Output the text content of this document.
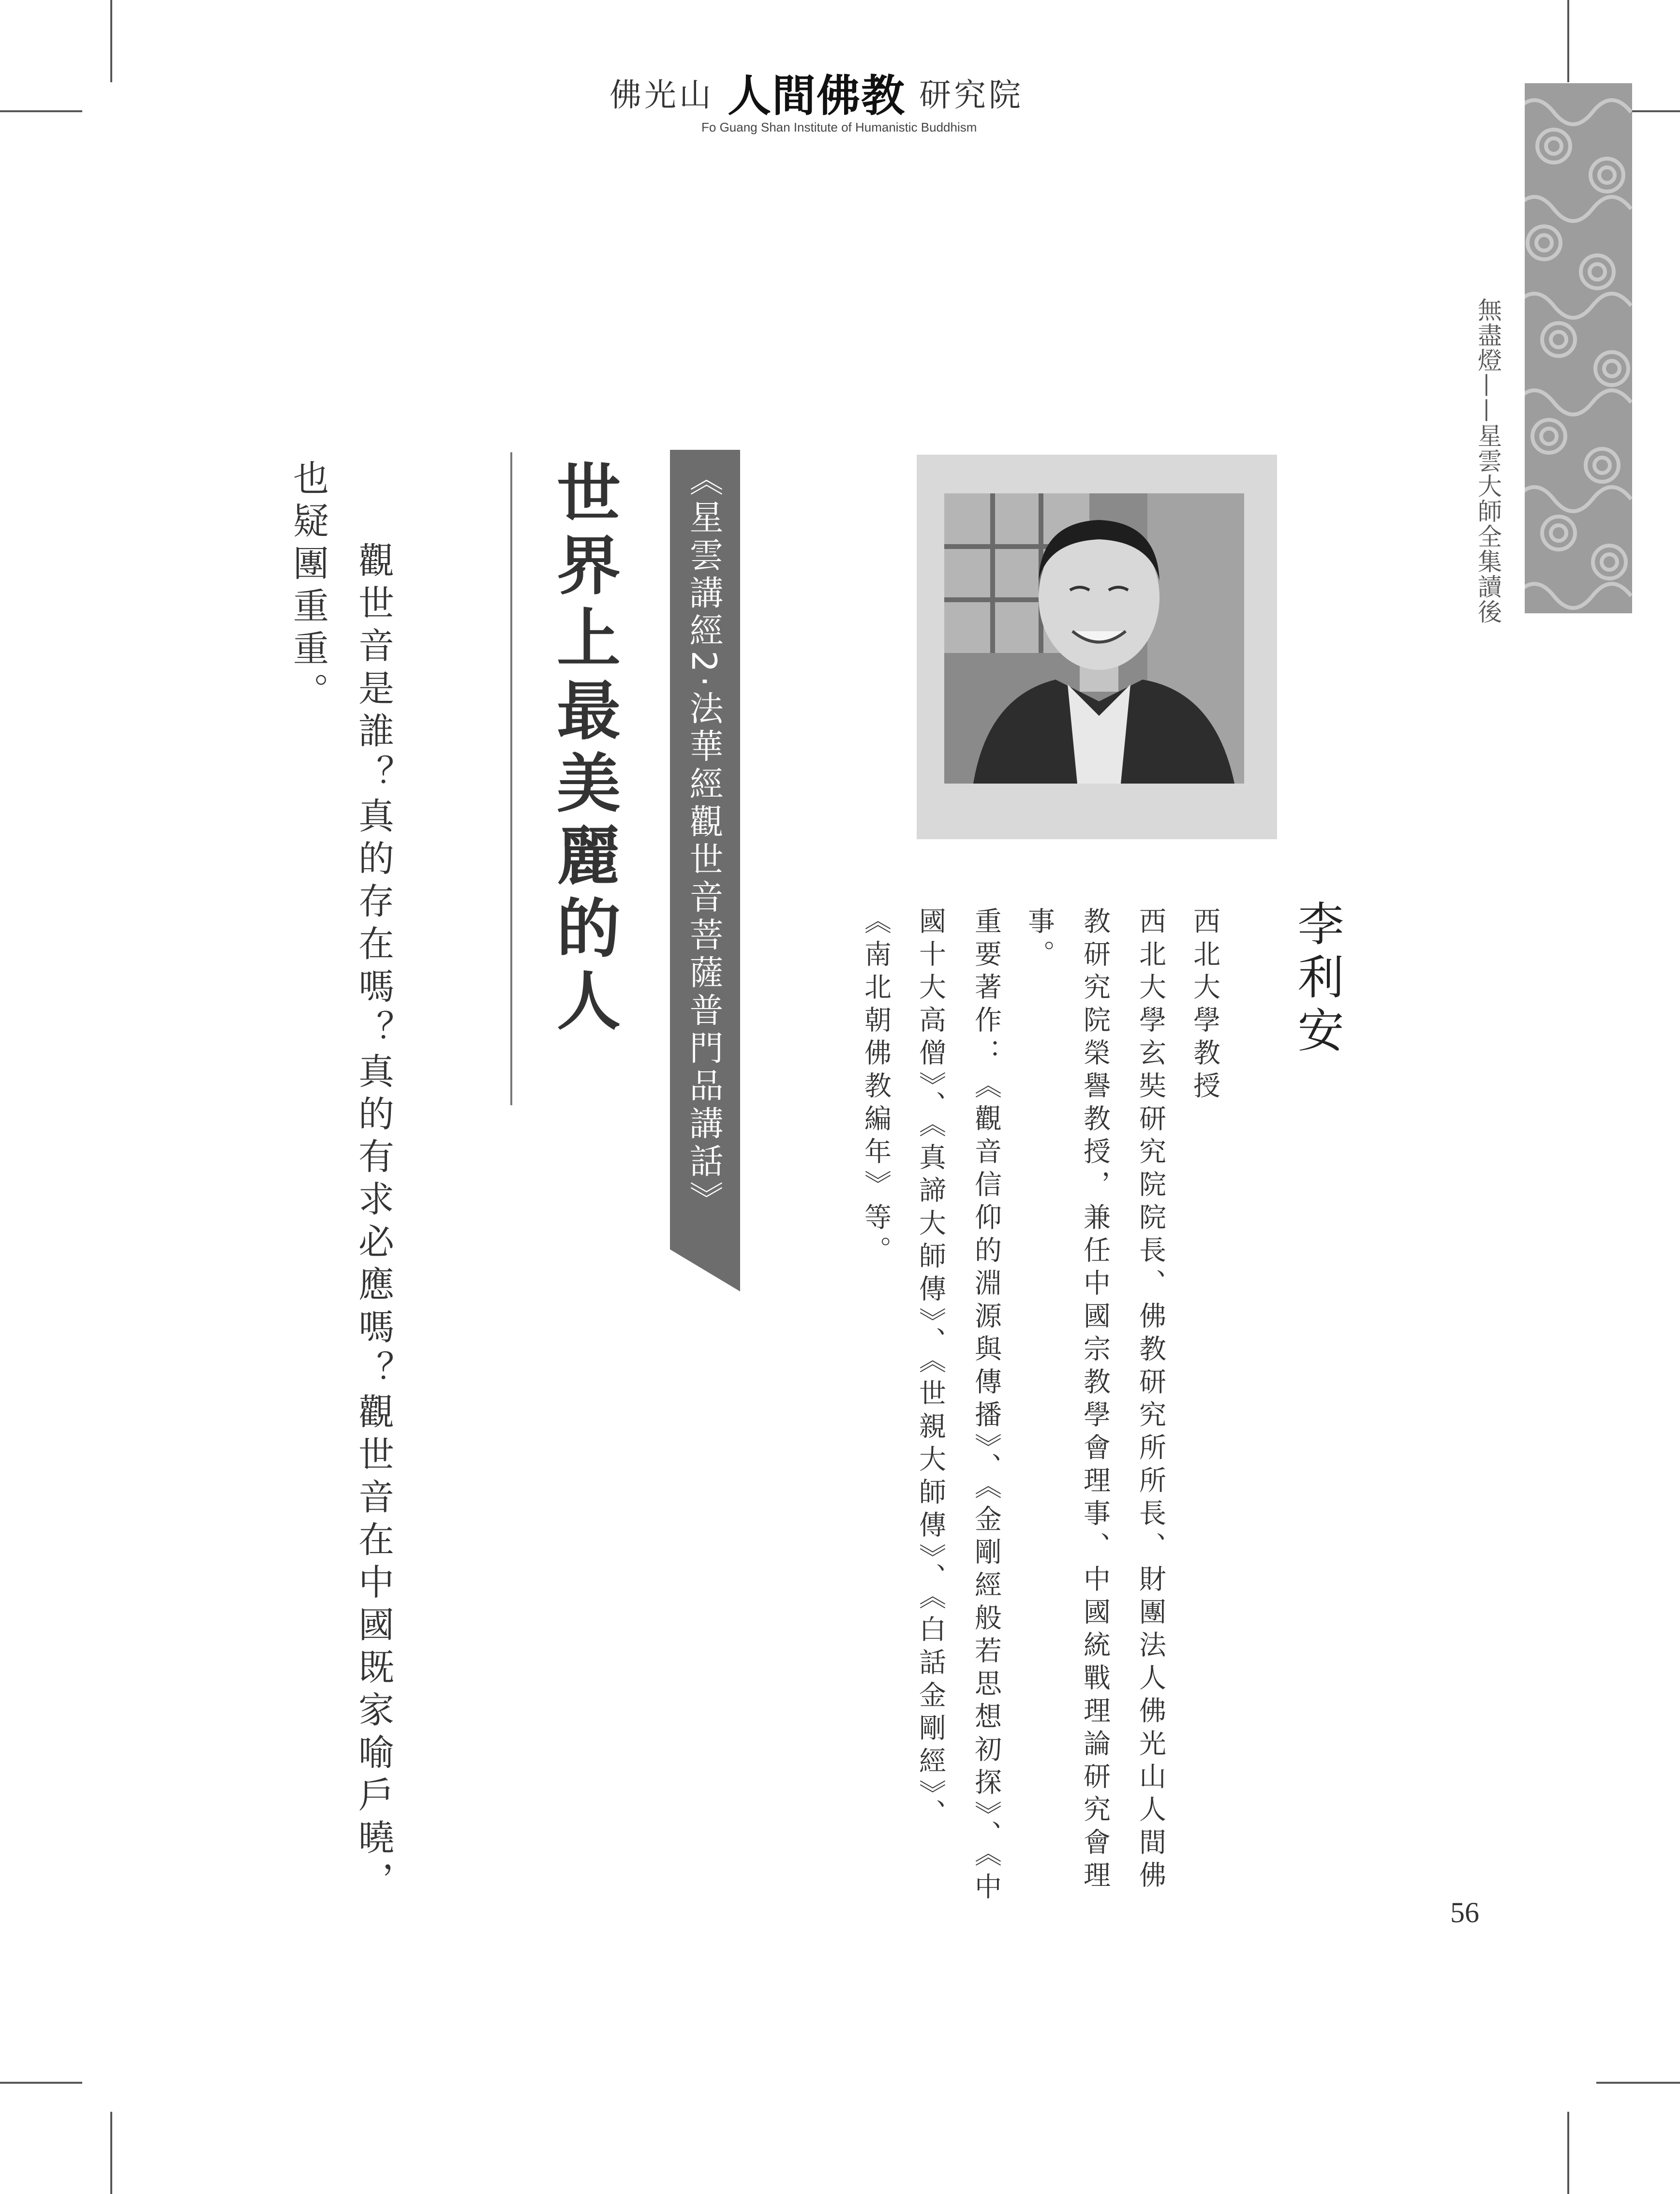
佛光山 人間佛教 研究院
Fo Guang Shan Institute of Humanistic Buddhism
無盡燈——星雲大師全集讀後
李利安
西北大學教授
西北大學玄奘研究院院長、佛教研究所所長、財團法人佛光山人間佛
教研究院榮譽教授，兼任中國宗教學會理事、中國統戰理論研究會理
事。
重要著作：《觀音信仰的淵源與傳播》、《金剛經般若思想初探》、《中
國十大高僧》、《真諦大師傳》、《世親大師傳》、《白話金剛經》、
《南北朝佛教編年》等。
《星雲講經2‧法華經觀世音菩薩普門品講話》
世界上最美麗的人
觀世音是誰？真的存在嗎？真的有求必應嗎？觀世音在中國既家喻戶曉，
也疑團重重。
56
